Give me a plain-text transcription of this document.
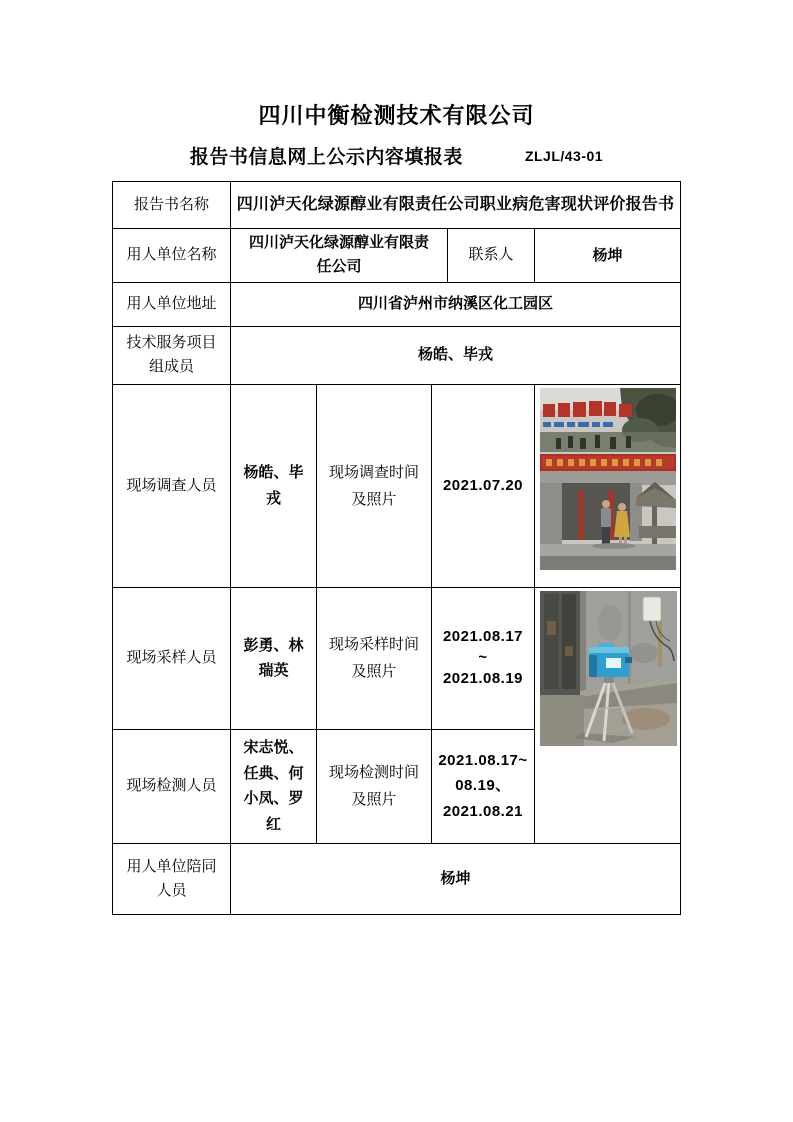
四川中衡检测技术有限公司
报告书信息网上公示内容填报表	ZLJL/43-01
报告书名称	四川泸天化绿源醇业有限责任公司职业病危害现状评价报告书				
用人单位名称	四川泸天化绿源醇业有限责任公司			联系人	杨坤
用人单位地址	四川省泸州市纳溪区化工园区				
技术服务项目组成员	杨皓、毕戎				
现场调查人员	杨皓、毕戎	现场调查时间及照片	2021.07.20	

现场采样人员	彭勇、林瑞英	现场采样时间及照片	2021.08.17
~
2021.08.19

现场检测人员	宋志悦、任典、何小凤、罗红	现场检测时间及照片	2021.08.17~
08.19、
2021.08.21		

用人单位陪同人员	杨坤				
